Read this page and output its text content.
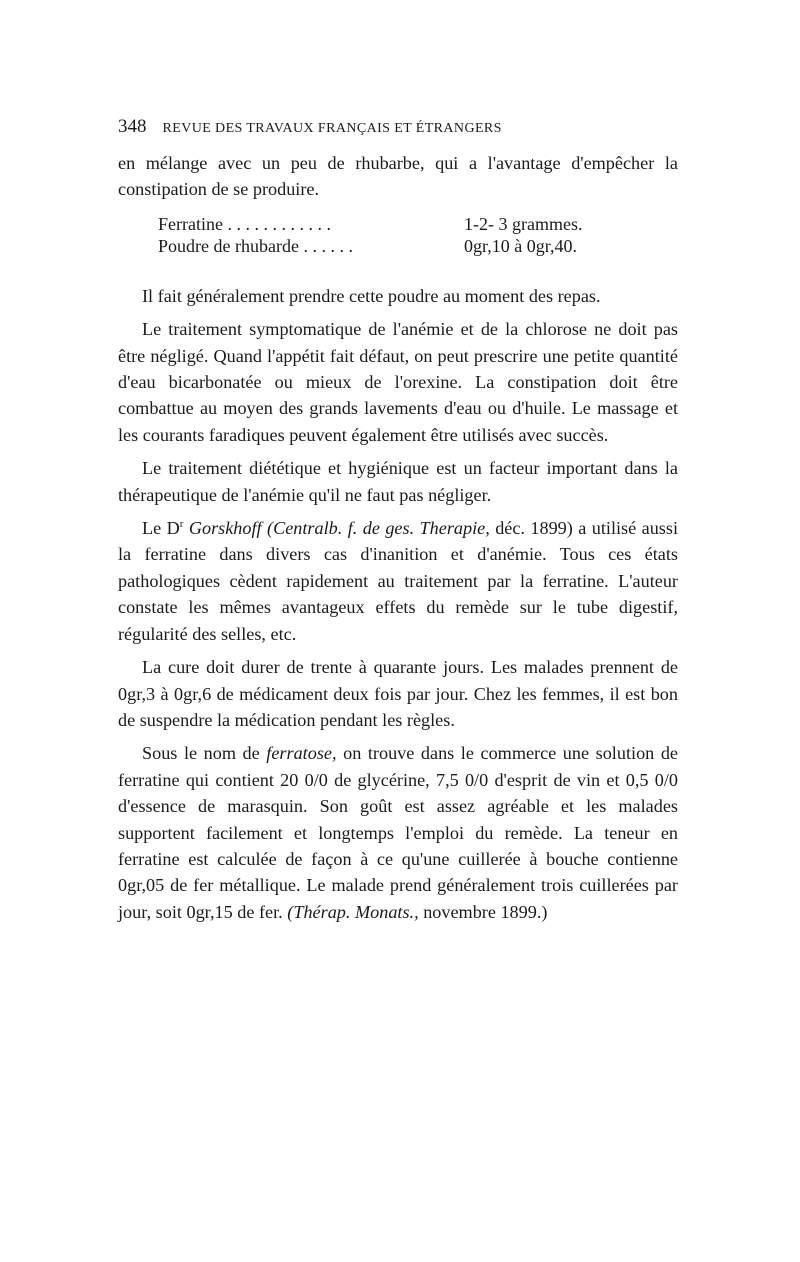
348 REVUE DES TRAVAUX FRANÇAIS ET ÉTRANGERS

en mélange avec un peu de rhubarbe, qui a l'avantage d'empêcher la constipation de se produire.

Ferratine . . . . . . . . . . . .	1-2- 3 grammes.
Poudre de rhubarde . . . . . .	0gr,10 à 0gr,40.

Il fait généralement prendre cette poudre au moment des repas.

Le traitement symptomatique de l'anémie et de la chlorose ne doit pas être négligé. Quand l'appétit fait défaut, on peut prescrire une petite quantité d'eau bicarbonatée ou mieux de l'orexine. La constipation doit être combattue au moyen des grands lavements d'eau ou d'huile. Le massage et les courants faradiques peuvent également être utilisés avec succès.

Le traitement diététique et hygiénique est un facteur important dans la thérapeutique de l'anémie qu'il ne faut pas négliger.

Le $D^r$ Gorskhoff (Centralb. f. de ges. Therapie, déc. 1899) a utilisé aussi la ferratine dans divers cas d'inanition et d'anémie. Tous ces états pathologiques cèdent rapidement au traitement par la ferratine. L'auteur constate les mêmes avantageux effets du remède sur le tube digestif, régularité des selles, etc.

La cure doit durer de trente à quarante jours. Les malades prennent de 0gr,3 à 0gr,6 de médicament deux fois par jour. Chez les femmes, il est bon de suspendre la médication pendant les règles.

Sous le nom de ferratose, on trouve dans le commerce une solution de ferratine qui contient 20 0/0 de glycérine, 7,5 0/0 d'esprit de vin et 0,5 0/0 d'essence de marasquin. Son goût est assez agréable et les malades supportent facilement et longtemps l'emploi du remède. La teneur en ferratine est calculée de façon à ce qu'une cuillerée à bouche contienne 0gr,05 de fer métallique. Le malade prend généralement trois cuillerées par jour, soit 0gr,15 de fer. (Thérap. Monats., novembre 1899.)
